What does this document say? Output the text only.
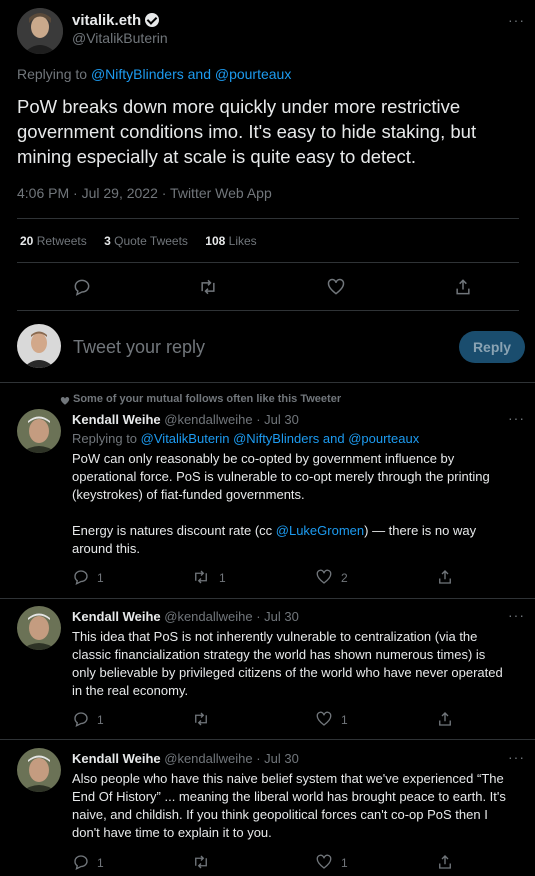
vitalik.eth
@VitalikButerin
···
Replying to @NiftyBlinders and @pourteaux
PoW breaks down more quickly under more restrictive government conditions imo. It's easy to hide staking, but mining especially at scale is quite easy to detect.
4:06 PM · Jul 29, 2022 · Twitter Web App
20 Retweets 3 Quote Tweets 108 Likes
Tweet your reply	Reply
Some of your mutual follows often like this Tweeter
Kendall Weihe @kendallweihe · Jul 30	···
Replying to @VitalikButerin @NiftyBlinders and @pourteaux
PoW can only reasonably be co-opted by government influence by
operational force. PoS is vulnerable to co-opt merely through the printing
(keystrokes) of fiat-funded governments.
Energy is natures discount rate (cc @LukeGromen) — there is no way
around this.
1	1	2
Kendall Weihe @kendallweihe · Jul 30	···
This idea that PoS is not inherently vulnerable to centralization (via the
classic financialization strategy the world has shown numerous times) is
only believable by privileged citizens of the world who have never operated
in the real economy.
1	1
Kendall Weihe @kendallweihe · Jul 30	···
Also people who have this naive belief system that we've experienced “The
End Of History” ... meaning the liberal world has brought peace to earth. It's
naive, and childish. If you think geopolitical forces can't co-op PoS then I
don't have time to explain it to you.
1	1
